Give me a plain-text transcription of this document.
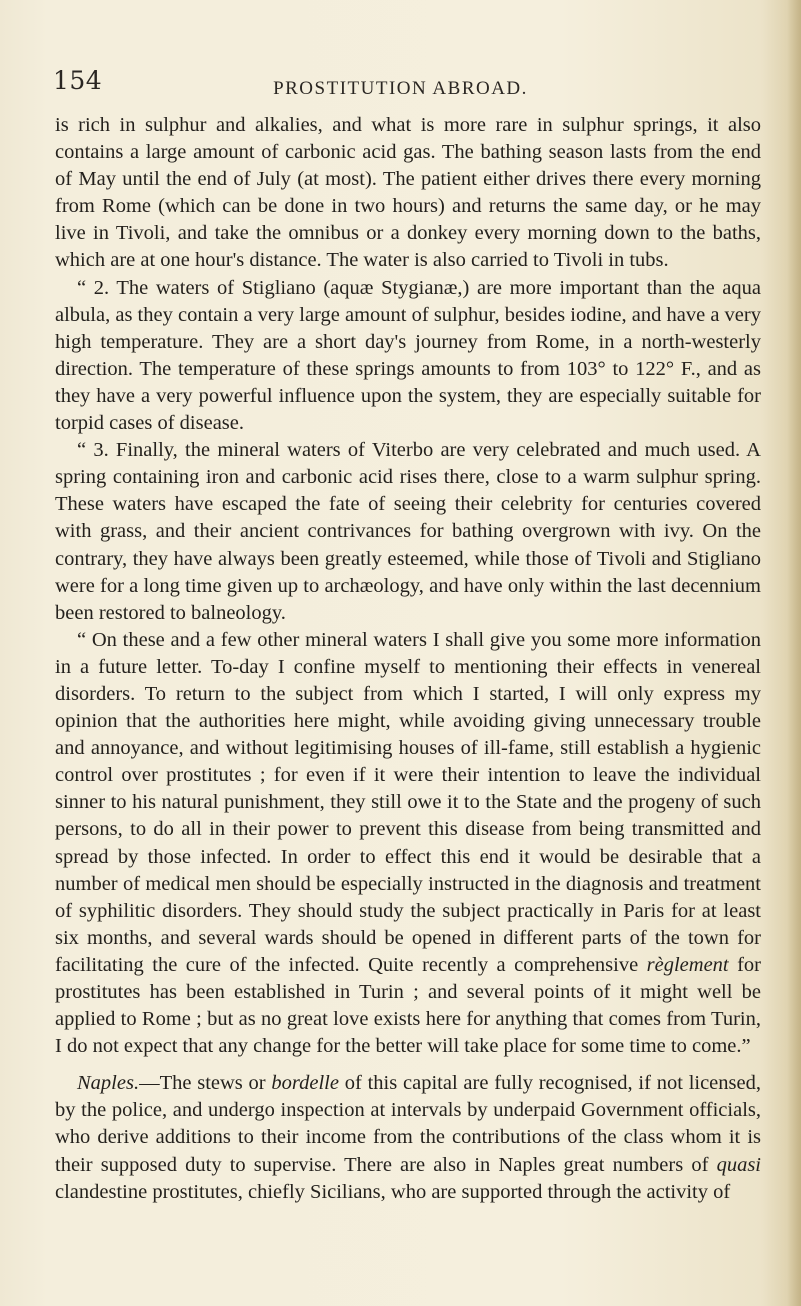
154	PROSTITUTION ABROAD.

is rich in sulphur and alkalies, and what is more rare in sulphur springs, it also contains a large amount of carbonic acid gas. The bathing season lasts from the end of May until the end of July (at most). The patient either drives there every morning from Rome (which can be done in two hours) and returns the same day, or he may live in Tivoli, and take the omnibus or a donkey every morning down to the baths, which are at one hour's distance. The water is also carried to Tivoli in tubs.

“ 2. The waters of Stigliano (aquæ Stygianæ,) are more important than the aqua albula, as they contain a very large amount of sulphur, besides iodine, and have a very high temperature. They are a short day's journey from Rome, in a north-westerly direction. The temperature of these springs amounts to from 103° to 122° F., and as they have a very powerful influence upon the system, they are especially suitable for torpid cases of disease.

“ 3. Finally, the mineral waters of Viterbo are very celebrated and much used. A spring containing iron and carbonic acid rises there, close to a warm sulphur spring. These waters have escaped the fate of seeing their celebrity for centuries covered with grass, and their ancient contrivances for bathing overgrown with ivy. On the contrary, they have always been greatly esteemed, while those of Tivoli and Stigliano were for a long time given up to archæology, and have only within the last decennium been restored to balneology.

“ On these and a few other mineral waters I shall give you some more information in a future letter. To-day I confine myself to mentioning their effects in venereal disorders. To return to the subject from which I started, I will only express my opinion that the authorities here might, while avoiding giving unnecessary trouble and annoyance, and without legitimising houses of ill-fame, still establish a hygienic control over prostitutes ; for even if it were their intention to leave the individual sinner to his natural punishment, they still owe it to the State and the progeny of such persons, to do all in their power to prevent this disease from being transmitted and spread by those infected. In order to effect this end it would be desirable that a number of medical men should be especially instructed in the diagnosis and treatment of syphilitic disorders. They should study the subject practically in Paris for at least six months, and several wards should be opened in different parts of the town for facilitating the cure of the infected. Quite recently a comprehensive règlement for prostitutes has been established in Turin ; and several points of it might well be applied to Rome ; but as no great love exists here for anything that comes from Turin, I do not expect that any change for the better will take place for some time to come.”

Naples.—The stews or bordelle of this capital are fully recognised, if not licensed, by the police, and undergo inspection at intervals by underpaid Government officials, who derive additions to their income from the contributions of the class whom it is their supposed duty to supervise. There are also in Naples great numbers of quasi clandestine prostitutes, chiefly Sicilians, who are supported through the activity of
